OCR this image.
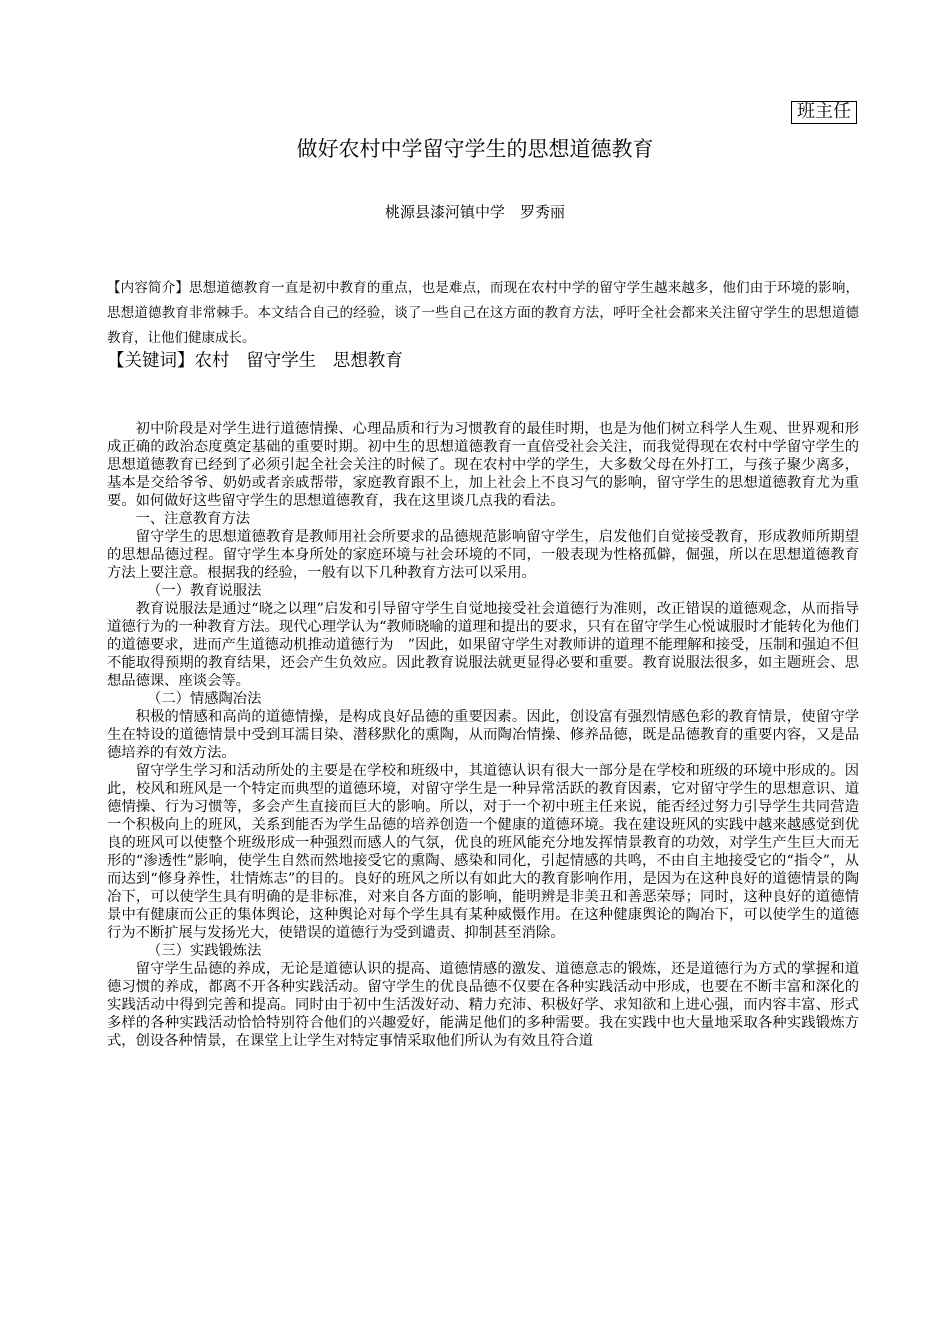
班主任
做好农村中学留守学生的思想道德教育
桃源县漆河镇中学　罗秀丽

【内容简介】思想道德教育一直是初中教育的重点，也是难点，而现在农村中学的留守学生越来越多，他们由于环境的影响，思想道德教育非常棘手。本文结合自己的经验，谈了一些自己在这方面的教育方法，呼吁全社会都来关注留守学生的思想道德教育，让他们健康成长。

【关键词】农村   留守学生   思想教育

初中阶段是对学生进行道德情操、心理品质和行为习惯教育的最佳时期，也是为他们树立科学人生观、世界观和形成正确的政治态度奠定基础的重要时期。初中生的思想道德教育一直倍受社会关注，而我觉得现在农村中学留守学生的思想道德教育已经到了必须引起全社会关注的时候了。现在农村中学的学生，大多数父母在外打工，与孩子聚少离多，基本是交给爷爷、奶奶或者亲戚帮带，家庭教育跟不上，加上社会上不良习气的影响，留守学生的思想道德教育尤为重要。如何做好这些留守学生的思想道德教育，我在这里谈几点我的看法。

一、注意教育方法

留守学生的思想道德教育是教师用社会所要求的品德规范影响留守学生，启发他们自觉接受教育，形成教师所期望的思想品德过程。留守学生本身所处的家庭环境与社会环境的不同，一般表现为性格孤僻，倔强，所以在思想道德教育方法上要注意。根据我的经验，一般有以下几种教育方法可以采用。

（一）教育说服法

教育说服法是通过“晓之以理”启发和引导留守学生自觉地接受社会道德行为准则，改正错误的道德观念，从而指导道德行为的一种教育方法。现代心理学认为“教师晓喻的道理和提出的要求，只有在留守学生心悦诚服时才能转化为他们的道德要求，进而产生道德动机推动道德行为　”因此，如果留守学生对教师讲的道理不能理解和接受，压制和强迫不但不能取得预期的教育结果，还会产生负效应。因此教育说服法就更显得必要和重要。教育说服法很多，如主题班会、思想品德课、座谈会等。

（二）情感陶冶法

积极的情感和高尚的道德情操，是构成良好品德的重要因素。因此，创设富有强烈情感色彩的教育情景，使留守学生在特设的道德情景中受到耳濡目染、潜移默化的熏陶，从而陶冶情操、修养品德，既是品德教育的重要内容，又是品德培养的有效方法。

留守学生学习和活动所处的主要是在学校和班级中，其道德认识有很大一部分是在学校和班级的环境中形成的。因此，校风和班风是一个特定而典型的道德环境，对留守学生是一种异常活跃的教育因素，它对留守学生的思想意识、道德情操、行为习惯等，多会产生直接而巨大的影响。所以，对于一个初中班主任来说，能否经过努力引导学生共同营造一个积极向上的班风，关系到能否为学生品德的培养创造一个健康的道德环境。我在建设班风的实践中越来越感觉到优良的班风可以使整个班级形成一种强烈而感人的气氛，优良的班风能充分地发挥情景教育的功效，对学生产生巨大而无形的“渗透性”影响，使学生自然而然地接受它的熏陶、感染和同化，引起情感的共鸣，不由自主地接受它的“指令”，从而达到“修身养性，壮情炼志”的目的。良好的班风之所以有如此大的教育影响作用，是因为在这种良好的道德情景的陶冶下，可以使学生具有明确的是非标准，对来自各方面的影响，能明辨是非美丑和善恶荣辱；同时，这种良好的道德情景中有健康而公正的集体舆论，这种舆论对每个学生具有某种威慑作用。在这种健康舆论的陶冶下，可以使学生的道德行为不断扩展与发扬光大，使错误的道德行为受到谴责、抑制甚至消除。

（三）实践锻炼法

留守学生品德的养成，无论是道德认识的提高、道德情感的激发、道德意志的锻炼，还是道德行为方式的掌握和道德习惯的养成，都离不开各种实践活动。留守学生的优良品德不仅要在各种实践活动中形成，也要在不断丰富和深化的实践活动中得到完善和提高。同时由于初中生活泼好动、精力充沛、积极好学、求知欲和上进心强，而内容丰富、形式多样的各种实践活动恰恰特别符合他们的兴趣爱好，能满足他们的多种需要。我在实践中也大量地采取各种实践锻炼方式，创设各种情景，在课堂上让学生对特定事情采取他们所认为有效且符合道
